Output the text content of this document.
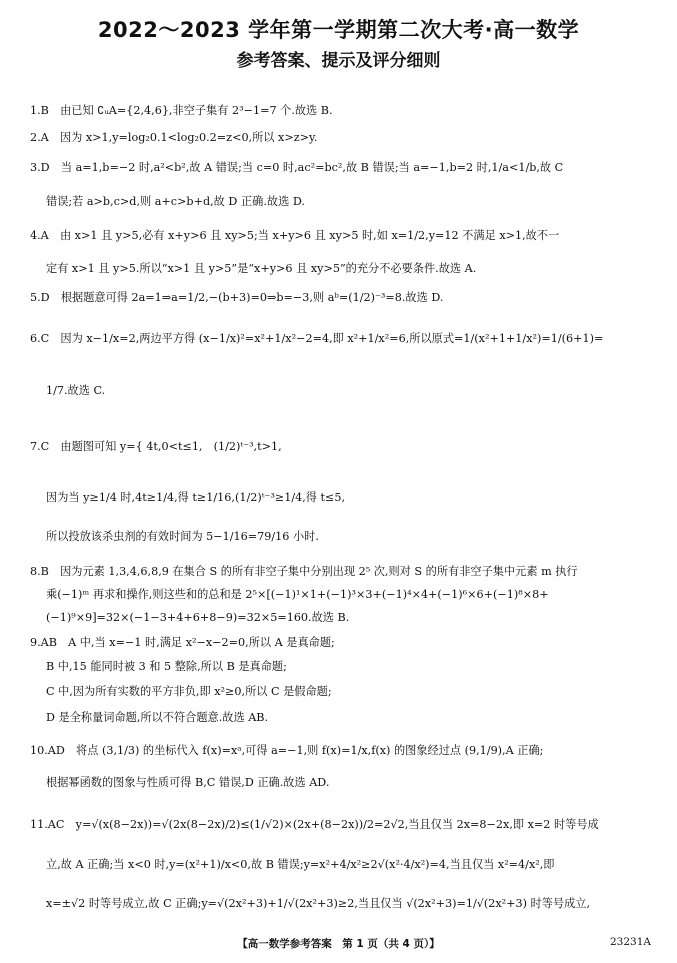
2022～2023 学年第一学期第二次大考·高一数学
参考答案、提示及评分细则
1.B　由已知 ∁ᵤA={2,4,6},非空子集有 2³−1=7 个.故选 B.
2.A　因为 x>1,y=log₂0.1<log₂0.2=z<0,所以 x>z>y.
3.D　当 a=1,b=−2 时,a²<b²,故 A 错误;当 c=0 时,ac²=bc²,故 B 错误;当 a=−1,b=2 时,1/a<1/b,故 C
错误;若 a>b,c>d,则 a+c>b+d,故 D 正确.故选 D.
4.A　由 x>1 且 y>5,必有 x+y>6 且 xy>5;当 x+y>6 且 xy>5 时,如 x=1/2,y=12 不满足 x>1,故不一
定有 x>1 且 y>5.所以“x>1 且 y>5”是“x+y>6 且 xy>5”的充分不必要条件.故选 A.
5.D　根据题意可得 2a=1⇒a=1/2,−(b+3)=0⇒b=−3,则 aᵇ=(1/2)⁻³=8.故选 D.
6.C　因为 x−1/x=2,两边平方得 (x−1/x)²=x²+1/x²−2=4,即 x²+1/x²=6,所以原式=1/(x²+1+1/x²)=1/(6+1)=
1/7.故选 C.
7.C　由题图可知 y={ 4t,0<t≤1,　(1/2)ᵗ⁻³,t>1,
因为当 y≥1/4 时,4t≥1/4,得 t≥1/16,(1/2)ᵗ⁻³≥1/4,得 t≤5,
所以投放该杀虫剂的有效时间为 5−1/16=79/16 小时.
8.B　因为元素 1,3,4,6,8,9 在集合 S 的所有非空子集中分别出现 2⁵ 次,则对 S 的所有非空子集中元素 m 执行
乘(−1)ᵐ 再求和操作,则这些和的总和是 2⁵×[(−1)¹×1+(−1)³×3+(−1)⁴×4+(−1)⁶×6+(−1)⁸×8+
(−1)⁹×9]=32×(−1−3+4+6+8−9)=32×5=160.故选 B.
9.AB　A 中,当 x=−1 时,满足 x²−x−2=0,所以 A 是真命题;
B 中,15 能同时被 3 和 5 整除,所以 B 是真命题;
C 中,因为所有实数的平方非负,即 x²≥0,所以 C 是假命题;
D 是全称量词命题,所以不符合题意.故选 AB.
10.AD　将点 (3,1/3) 的坐标代入 f(x)=xᵃ,可得 a=−1,则 f(x)=1/x,f(x) 的图象经过点 (9,1/9),A 正确;
根据幂函数的图象与性质可得 B,C 错误,D 正确.故选 AD.
11.AC　y=√(x(8−2x))=√(2x(8−2x)/2)≤(1/√2)×(2x+(8−2x))/2=2√2,当且仅当 2x=8−2x,即 x=2 时等号成
立,故 A 正确;当 x<0 时,y=(x²+1)/x<0,故 B 错误;y=x²+4/x²≥2√(x²·4/x²)=4,当且仅当 x²=4/x²,即
x=±√2 时等号成立,故 C 正确;y=√(2x²+3)+1/√(2x²+3)≥2,当且仅当 √(2x²+3)=1/√(2x²+3) 时等号成立,
【高一数学参考答案　第 1 页（共 4 页）】	23231A
